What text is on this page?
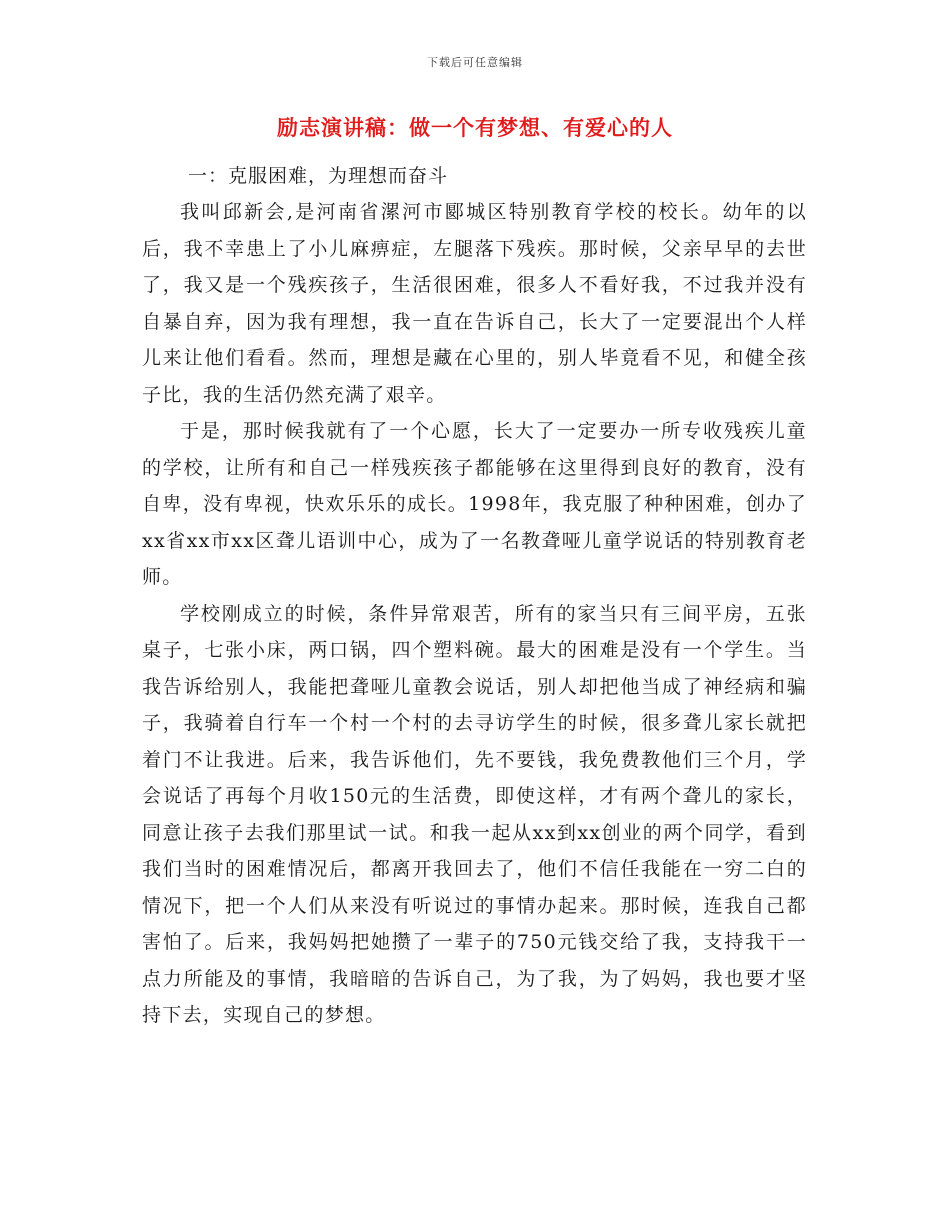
下载后可任意编辑
励志演讲稿：做一个有梦想、有爱心的人

一：克服困难，为理想而奋斗

我叫邱新会,是河南省漯河市郾城区特别教育学校的校长。幼年的以后，我不幸患上了小儿麻痹症，左腿落下残疾。那时候，父亲早早的去世了，我又是一个残疾孩子，生活很困难，很多人不看好我，不过我并没有自暴自弃，因为我有理想，我一直在告诉自己，长大了一定要混出个人样儿来让他们看看。然而，理想是藏在心里的，别人毕竟看不见，和健全孩子比，我的生活仍然充满了艰辛。

于是，那时候我就有了一个心愿，长大了一定要办一所专收残疾儿童的学校，让所有和自己一样残疾孩子都能够在这里得到良好的教育，没有自卑，没有卑视，快欢乐乐的成长。1998年，我克服了种种困难，创办了xx省xx市xx区聋儿语训中心，成为了一名教聋哑儿童学说话的特别教育老师。

学校刚成立的时候，条件异常艰苦，所有的家当只有三间平房，五张桌子，七张小床，两口锅，四个塑料碗。最大的困难是没有一个学生。当我告诉给别人，我能把聋哑儿童教会说话，别人却把他当成了神经病和骗子，我骑着自行车一个村一个村的去寻访学生的时候，很多聋儿家长就把着门不让我进。后来，我告诉他们，先不要钱，我免费教他们三个月，学会说话了再每个月收150元的生活费，即使这样，才有两个聋儿的家长，同意让孩子去我们那里试一试。和我一起从xx到xx创业的两个同学，看到我们当时的困难情况后，都离开我回去了，他们不信任我能在一穷二白的情况下，把一个人们从来没有听说过的事情办起来。那时候，连我自己都害怕了。后来，我妈妈把她攒了一辈子的750元钱交给了我，支持我干一点力所能及的事情，我暗暗的告诉自己，为了我，为了妈妈，我也要才坚持下去，实现自己的梦想。
